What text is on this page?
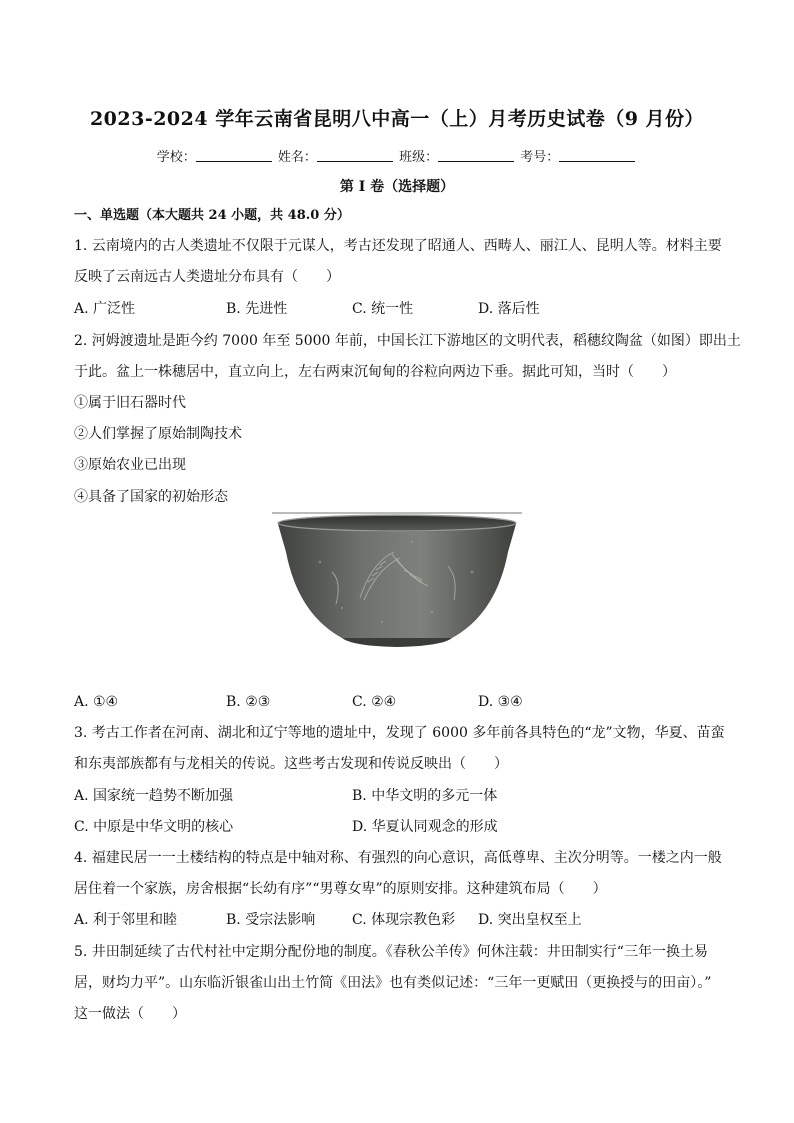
2023-2024 学年云南省昆明八中高一（上）月考历史试卷（9 月份）
学校：	姓名：	班级：	考号：
第 I 卷（选择题）
一、单选题（本大题共 24 小题，共 48.0 分）
1. 云南境内的古人类遗址不仅限于元谋人，考古还发现了昭通人、西畴人、丽江人、昆明人等。材料主要
反映了云南远古人类遗址分布具有（　　）
A. 广泛性	B. 先进性	C. 统一性	D. 落后性
2. 河姆渡遗址是距今约 7000 年至 5000 年前，中国长江下游地区的文明代表，稻穗纹陶盆（如图）即出土
于此。盆上一株穗居中，直立向上，左右两束沉甸甸的谷粒向两边下垂。据此可知，当时（　　）
①属于旧石器时代
②人们掌握了原始制陶技术
③原始农业已出现
④具备了国家的初始形态
A. ①④	B. ②③	C. ②④	D. ③④
3. 考古工作者在河南、湖北和辽宁等地的遗址中，发现了 6000 多年前各具特色的“龙”文物，华夏、苗蛮
和东夷部族都有与龙相关的传说。这些考古发现和传说反映出（　　）
A. 国家统一趋势不断加强	B. 中华文明的多元一体
C. 中原是中华文明的核心	D. 华夏认同观念的形成
4. 福建民居一一土楼结构的特点是中轴对称、有强烈的向心意识，高低尊卑、主次分明等。一楼之内一般
居住着一个家族，房舍根据“长幼有序”“男尊女卑”的原则安排。这种建筑布局（　　）
A. 利于邻里和睦	B. 受宗法影响	C. 体现宗教色彩 D. 突出皇权至上
5. 井田制延续了古代村社中定期分配份地的制度。《春秋公羊传》何休注载：井田制实行“三年一换土易
居，财均力平”。山东临沂银雀山出土竹简《田法》也有类似记述：“三年一更赋田（更换授与的田亩）。”
这一做法（　　）
